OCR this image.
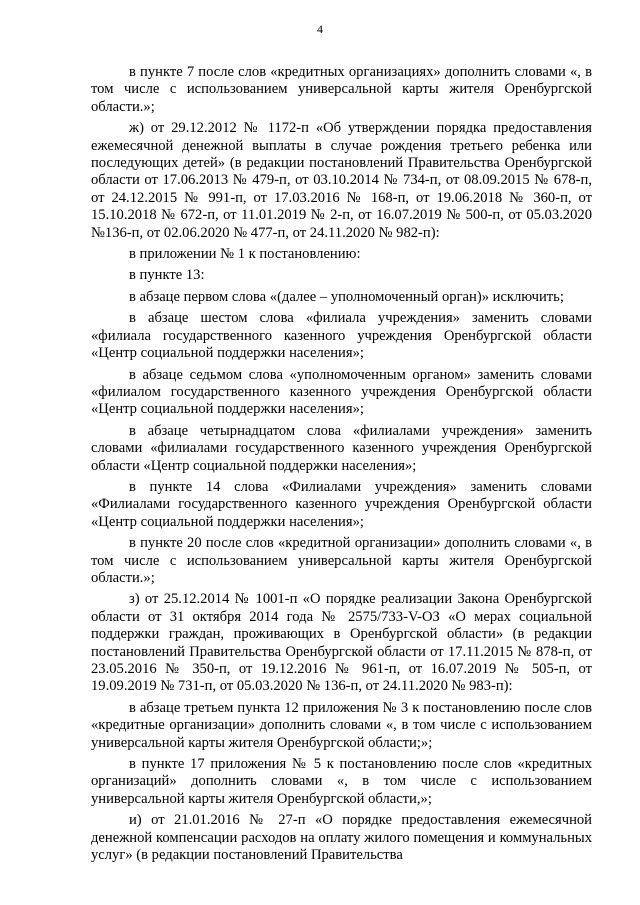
4

в пункте 7 после слов «кредитных организациях» дополнить словами «, в том числе с использованием универсальной карты жителя Оренбургской области.»;

ж) от 29.12.2012 № 1172-п «Об утверждении порядка предоставления ежемесячной денежной выплаты в случае рождения третьего ребенка или последующих детей» (в редакции постановлений Правительства Оренбургской области от 17.06.2013 № 479-п, от 03.10.2014 № 734-п, от 08.09.2015 № 678-п, от 24.12.2015 № 991-п, от 17.03.2016 № 168-п, от 19.06.2018 № 360-п, от 15.10.2018 № 672-п, от 11.01.2019 № 2-п, от 16.07.2019 № 500-п, от 05.03.2020 №136-п, от 02.06.2020 № 477-п, от 24.11.2020 № 982-п):

в приложении № 1 к постановлению:

в пункте 13:

в абзаце первом слова «(далее – уполномоченный орган)» исключить;

в абзаце шестом слова «филиала учреждения» заменить словами «филиала государственного казенного учреждения Оренбургской области «Центр социальной поддержки населения»;

в абзаце седьмом слова «уполномоченным органом» заменить словами «филиалом государственного казенного учреждения Оренбургской области «Центр социальной поддержки населения»;

в абзаце четырнадцатом слова «филиалами учреждения» заменить словами «филиалами государственного казенного учреждения Оренбургской области «Центр социальной поддержки населения»;

в пункте 14 слова «Филиалами учреждения» заменить словами «Филиалами государственного казенного учреждения Оренбургской области «Центр социальной поддержки населения»;

в пункте 20 после слов «кредитной организации» дополнить словами «, в том числе с использованием универсальной карты жителя Оренбургской области.»;

з) от 25.12.2014 № 1001-п «О порядке реализации Закона Оренбургской области от 31 октября 2014 года № 2575/733-V-ОЗ «О мерах социальной поддержки граждан, проживающих в Оренбургской области» (в редакции постановлений Правительства Оренбургской области от 17.11.2015 № 878-п, от 23.05.2016 № 350-п, от 19.12.2016 № 961-п, от 16.07.2019 № 505-п, от 19.09.2019 № 731-п, от 05.03.2020 № 136-п, от 24.11.2020 № 983-п):

в абзаце третьем пункта 12 приложения № 3 к постановлению после слов «кредитные организации» дополнить словами «, в том числе с использованием универсальной карты жителя Оренбургской области;»;

в пункте 17 приложения № 5 к постановлению после слов «кредитных организаций» дополнить словами «, в том числе с использованием универсальной карты жителя Оренбургской области,»;

и) от 21.01.2016 № 27-п «О порядке предоставления ежемесячной денежной компенсации расходов на оплату жилого помещения и коммунальных услуг» (в редакции постановлений Правительства
